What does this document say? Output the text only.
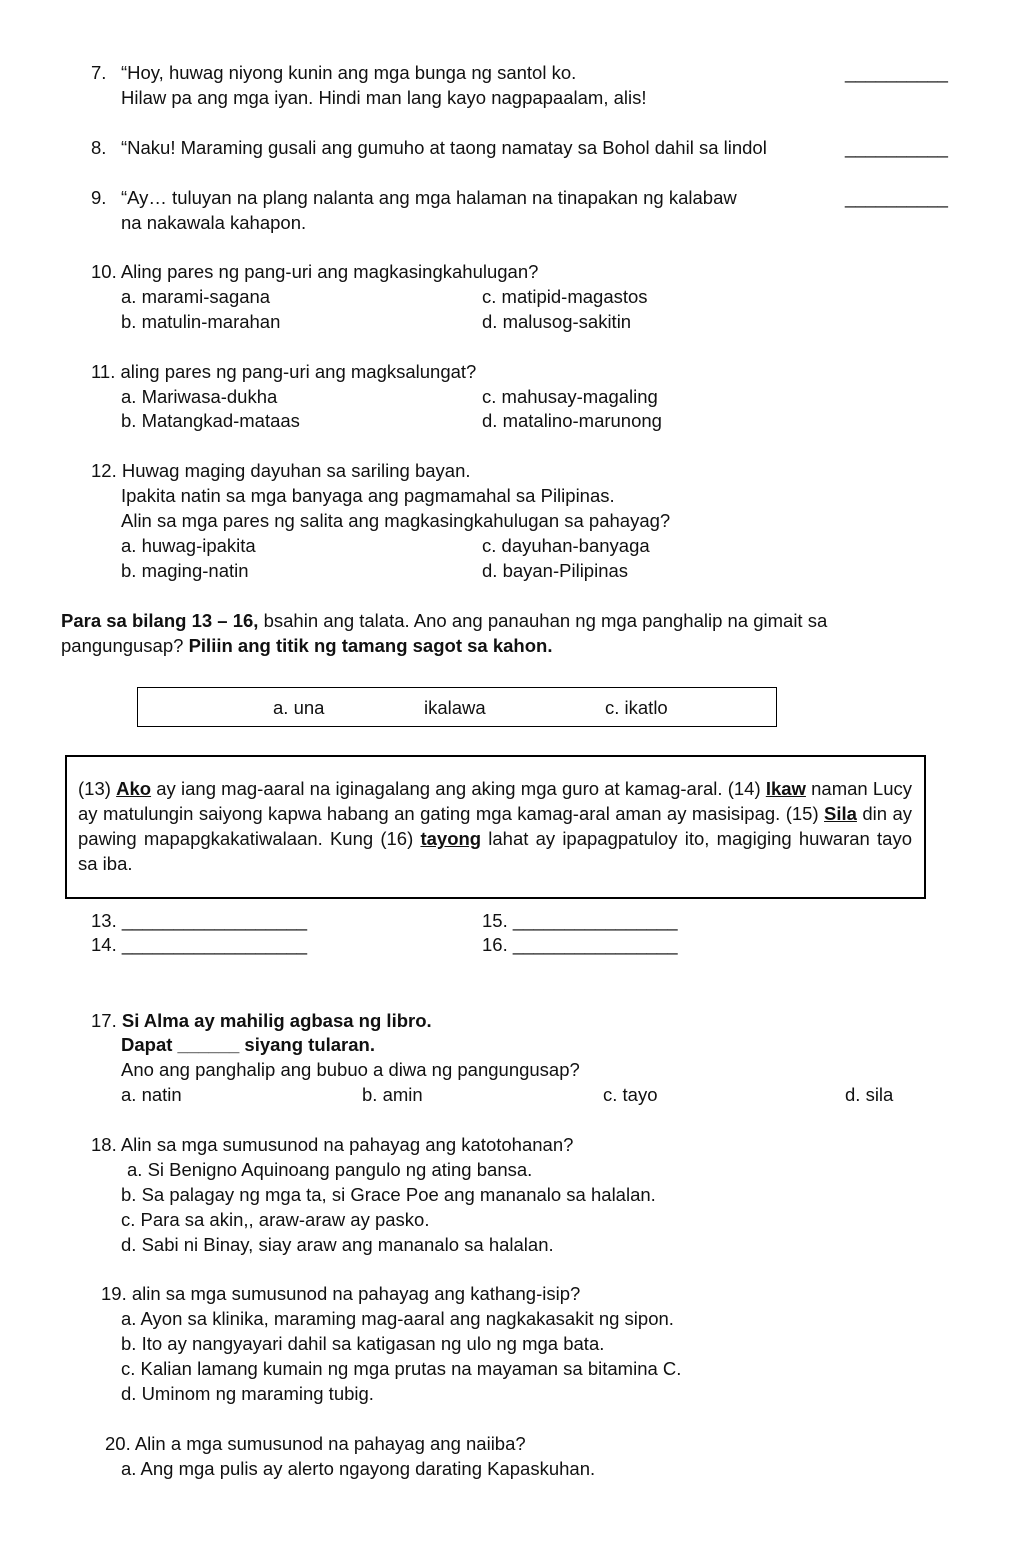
7. “Hoy, huwag niyong kunin ang mga bunga ng santol ko.
Hilaw pa ang mga iyan. Hindi man lang kayo nagpapaalam, alis!
__________
8. “Naku! Maraming gusali ang gumuho at taong namatay sa Bohol dahil sa lindol	__________
9. “Ay… tuluyan na plang nalanta ang mga halaman na tinapakan ng kalabaw
na nakawala kahapon.
__________
10. Aling pares ng pang-uri ang magkasingkahulugan?
a. marami-sagana
b. matulin-marahan
c. matipid-magastos
d. malusog-sakitin
11. aling pares ng pang-uri ang magksalungat?
a. Mariwasa-dukha
b. Matangkad-mataas
c. mahusay-magaling
d. matalino-marunong
12. Huwag maging dayuhan sa sariling bayan.
Ipakita natin sa mga banyaga ang pagmamahal sa Pilipinas.
Alin sa mga pares ng salita ang magkasingkahulugan sa pahayag?
a. huwag-ipakita
b. maging-natin
c. dayuhan-banyaga
d. bayan-Pilipinas
Para sa bilang 13 – 16, bsahin ang talata. Ano ang panauhan ng mga panghalip na gimait sa
pangungusap? Piliin ang titik ng tamang sagot sa kahon.
a. una	ikalawa	c. ikatlo
(13) Ako ay iang mag-aaral na iginagalang ang aking mga guro at kamag-aral. (14) Ikaw naman Lucy ay matulungin saiyong kapwa habang an gating mga kamag-aral aman ay masisipag. (15) Sila din ay pawing mapapgkakatiwalaan. Kung (16) tayong lahat ay ipapagpatuloy ito, magiging huwaran tayo sa iba.
13. __________________
14. __________________
15. ________________
16. ________________
17. Si Alma ay mahilig agbasa ng libro.
Dapat ______ siyang tularan.
Ano ang panghalip ang bubuo a diwa ng pangungusap?
a. natin	b. amin	c. tayo	d. sila
18. Alin sa mga sumusunod na pahayag ang katotohanan?
a. Si Benigno Aquinoang pangulo ng ating bansa.
b. Sa palagay ng mga ta, si Grace Poe ang mananalo sa halalan.
c. Para sa akin,, araw-araw ay pasko.
d. Sabi ni Binay, siay araw ang mananalo sa halalan.
19. alin sa mga sumusunod na pahayag ang kathang-isip?
a. Ayon sa klinika, maraming mag-aaral ang nagkakasakit ng sipon.
b. Ito ay nangyayari dahil sa katigasan ng ulo ng mga bata.
c. Kalian lamang kumain ng mga prutas na mayaman sa bitamina C.
d. Uminom ng maraming tubig.
20. Alin a mga sumusunod na pahayag ang naiiba?
a. Ang mga pulis ay alerto ngayong darating Kapaskuhan.
